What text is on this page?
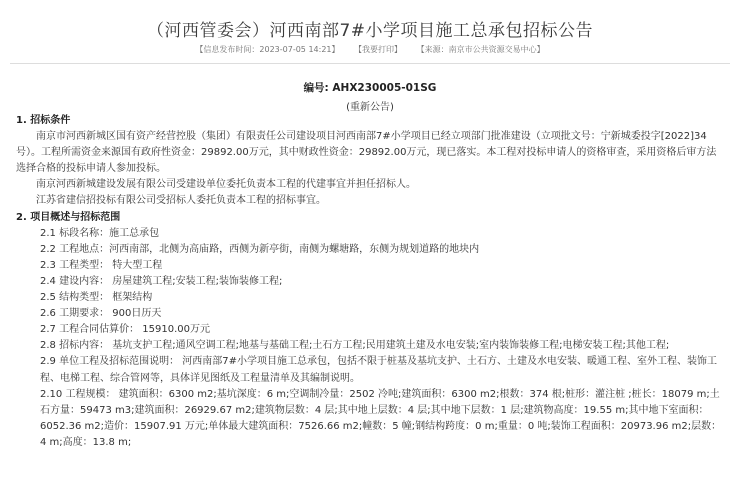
（河西管委会）河西南部7#小学项目施工总承包招标公告
【信息发布时间：2023-07-05 14:21】 【我要打印】 【来源：南京市公共资源交易中心】
编号: AHX230005-01SG
(重新公告)

1. 招标条件

南京市河西新城区国有资产经营控股（集团）有限责任公司建设项目河西南部7#小学项目已经立项部门批准建设（立项批文号：宁新城委投字[2022]34号）。工程所需资金来源国有政府性资金：29892.00万元，其中财政性资金：29892.00万元，现已落实。本工程对投标申请人的资格审查，采用资格后审方法选择合格的投标申请人参加投标。

南京河西新城建设发展有限公司受建设单位委托负责本工程的代建事宜并担任招标人。

江苏省建信招投标有限公司受招标人委托负责本工程的招标事宜。

2. 项目概述与招标范围

2.1 标段名称：施工总承包

2.2 工程地点：河西南部，北侧为高庙路，西侧为新亭街，南侧为螺塘路，东侧为规划道路的地块内

2.3 工程类型： 特大型工程

2.4 建设内容： 房屋建筑工程;安装工程;装饰装修工程;

2.5 结构类型： 框架结构

2.6 工期要求： 900日历天

2.7 工程合同估算价： 15910.00万元

2.8 招标内容： 基坑支护工程;通风空调工程;地基与基础工程;土石方工程;民用建筑土建及水电安装;室内装饰装修工程;电梯安装工程;其他工程;

2.9 单位工程及招标范围说明： 河西南部7#小学项目施工总承包，包括不限于桩基及基坑支护、土石方、土建及水电安装、暖通工程、室外工程、装饰工程、电梯工程、综合管网等，具体详见图纸及工程量清单及其编制说明。

2.10 工程规模： 建筑面积：6300 m2;基坑深度：6 m;空调制冷量：2502 冷吨;建筑面积：6300 m2;根数：374 根;桩形：灌注桩 ;桩长：18079 m;土石方量：59473 m3;建筑面积：26929.67 m2;建筑物层数：4 层;其中地上层数：4 层;其中地下层数：1 层;建筑物高度：19.55 m;其中地下室面积：6052.36 m2;造价：15907.91 万元;单体最大建筑面积：7526.66 m2;幢数：5 幢;钢结构跨度：0 m;重量：0 吨;装饰工程面积：20973.96 m2;层数：4 m;高度：13.8 m;
